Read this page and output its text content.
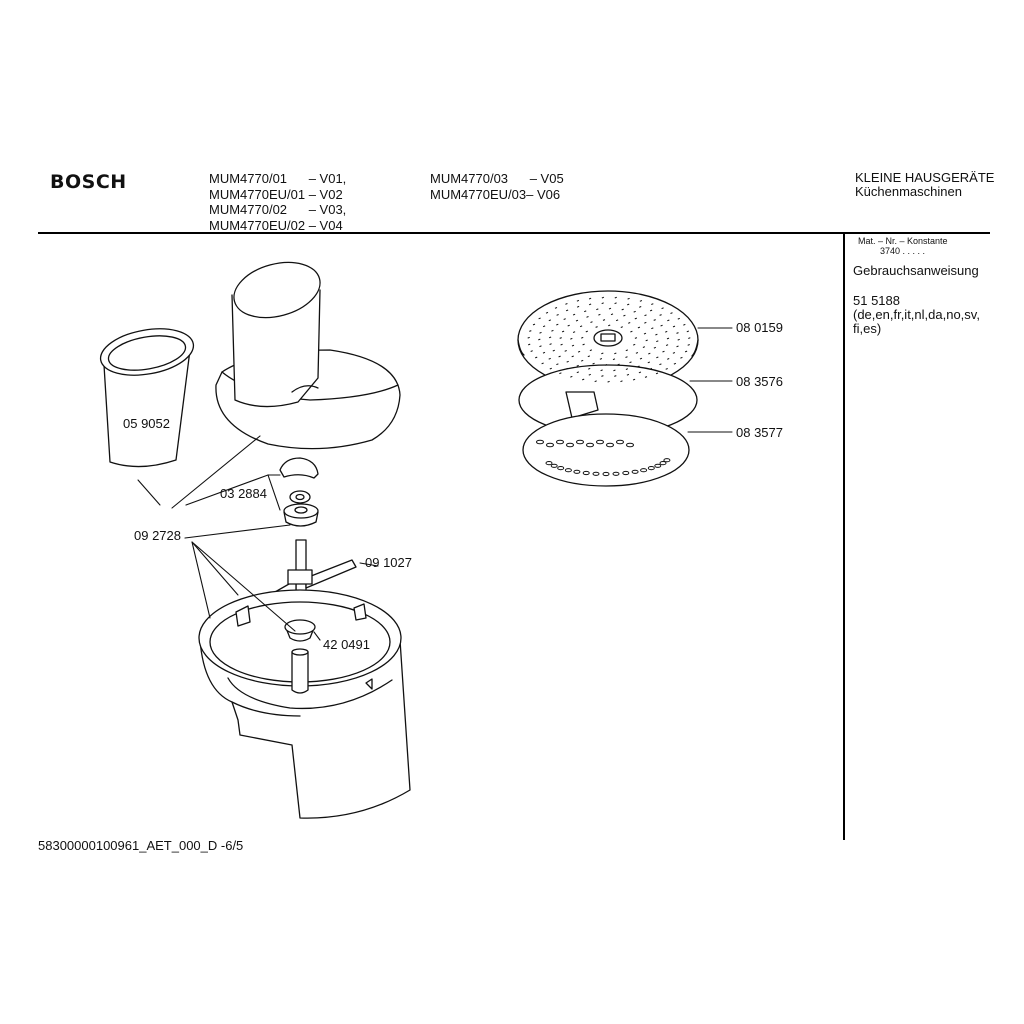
BOSCH	MUM4770/01      – V01,
MUM4770EU/01 – V02
MUM4770/02      – V03,
MUM4770EU/02 – V04
MUM4770/03      – V05
MUM4770EU/03– V06
KLEINE HAUSGERÄTE
Küchenmaschinen
Mat. – Nr. – Konstante
3740 . . . . .
Gebrauchsanweisung
51 5188
(de,en,fr,it,nl,da,no,sv,
fi,es)
05 9052
03 2884
09 2728
09 1027
42 0491
08 0159
08 3576
08 3577
58300000100961_AET_000_D -6/5
